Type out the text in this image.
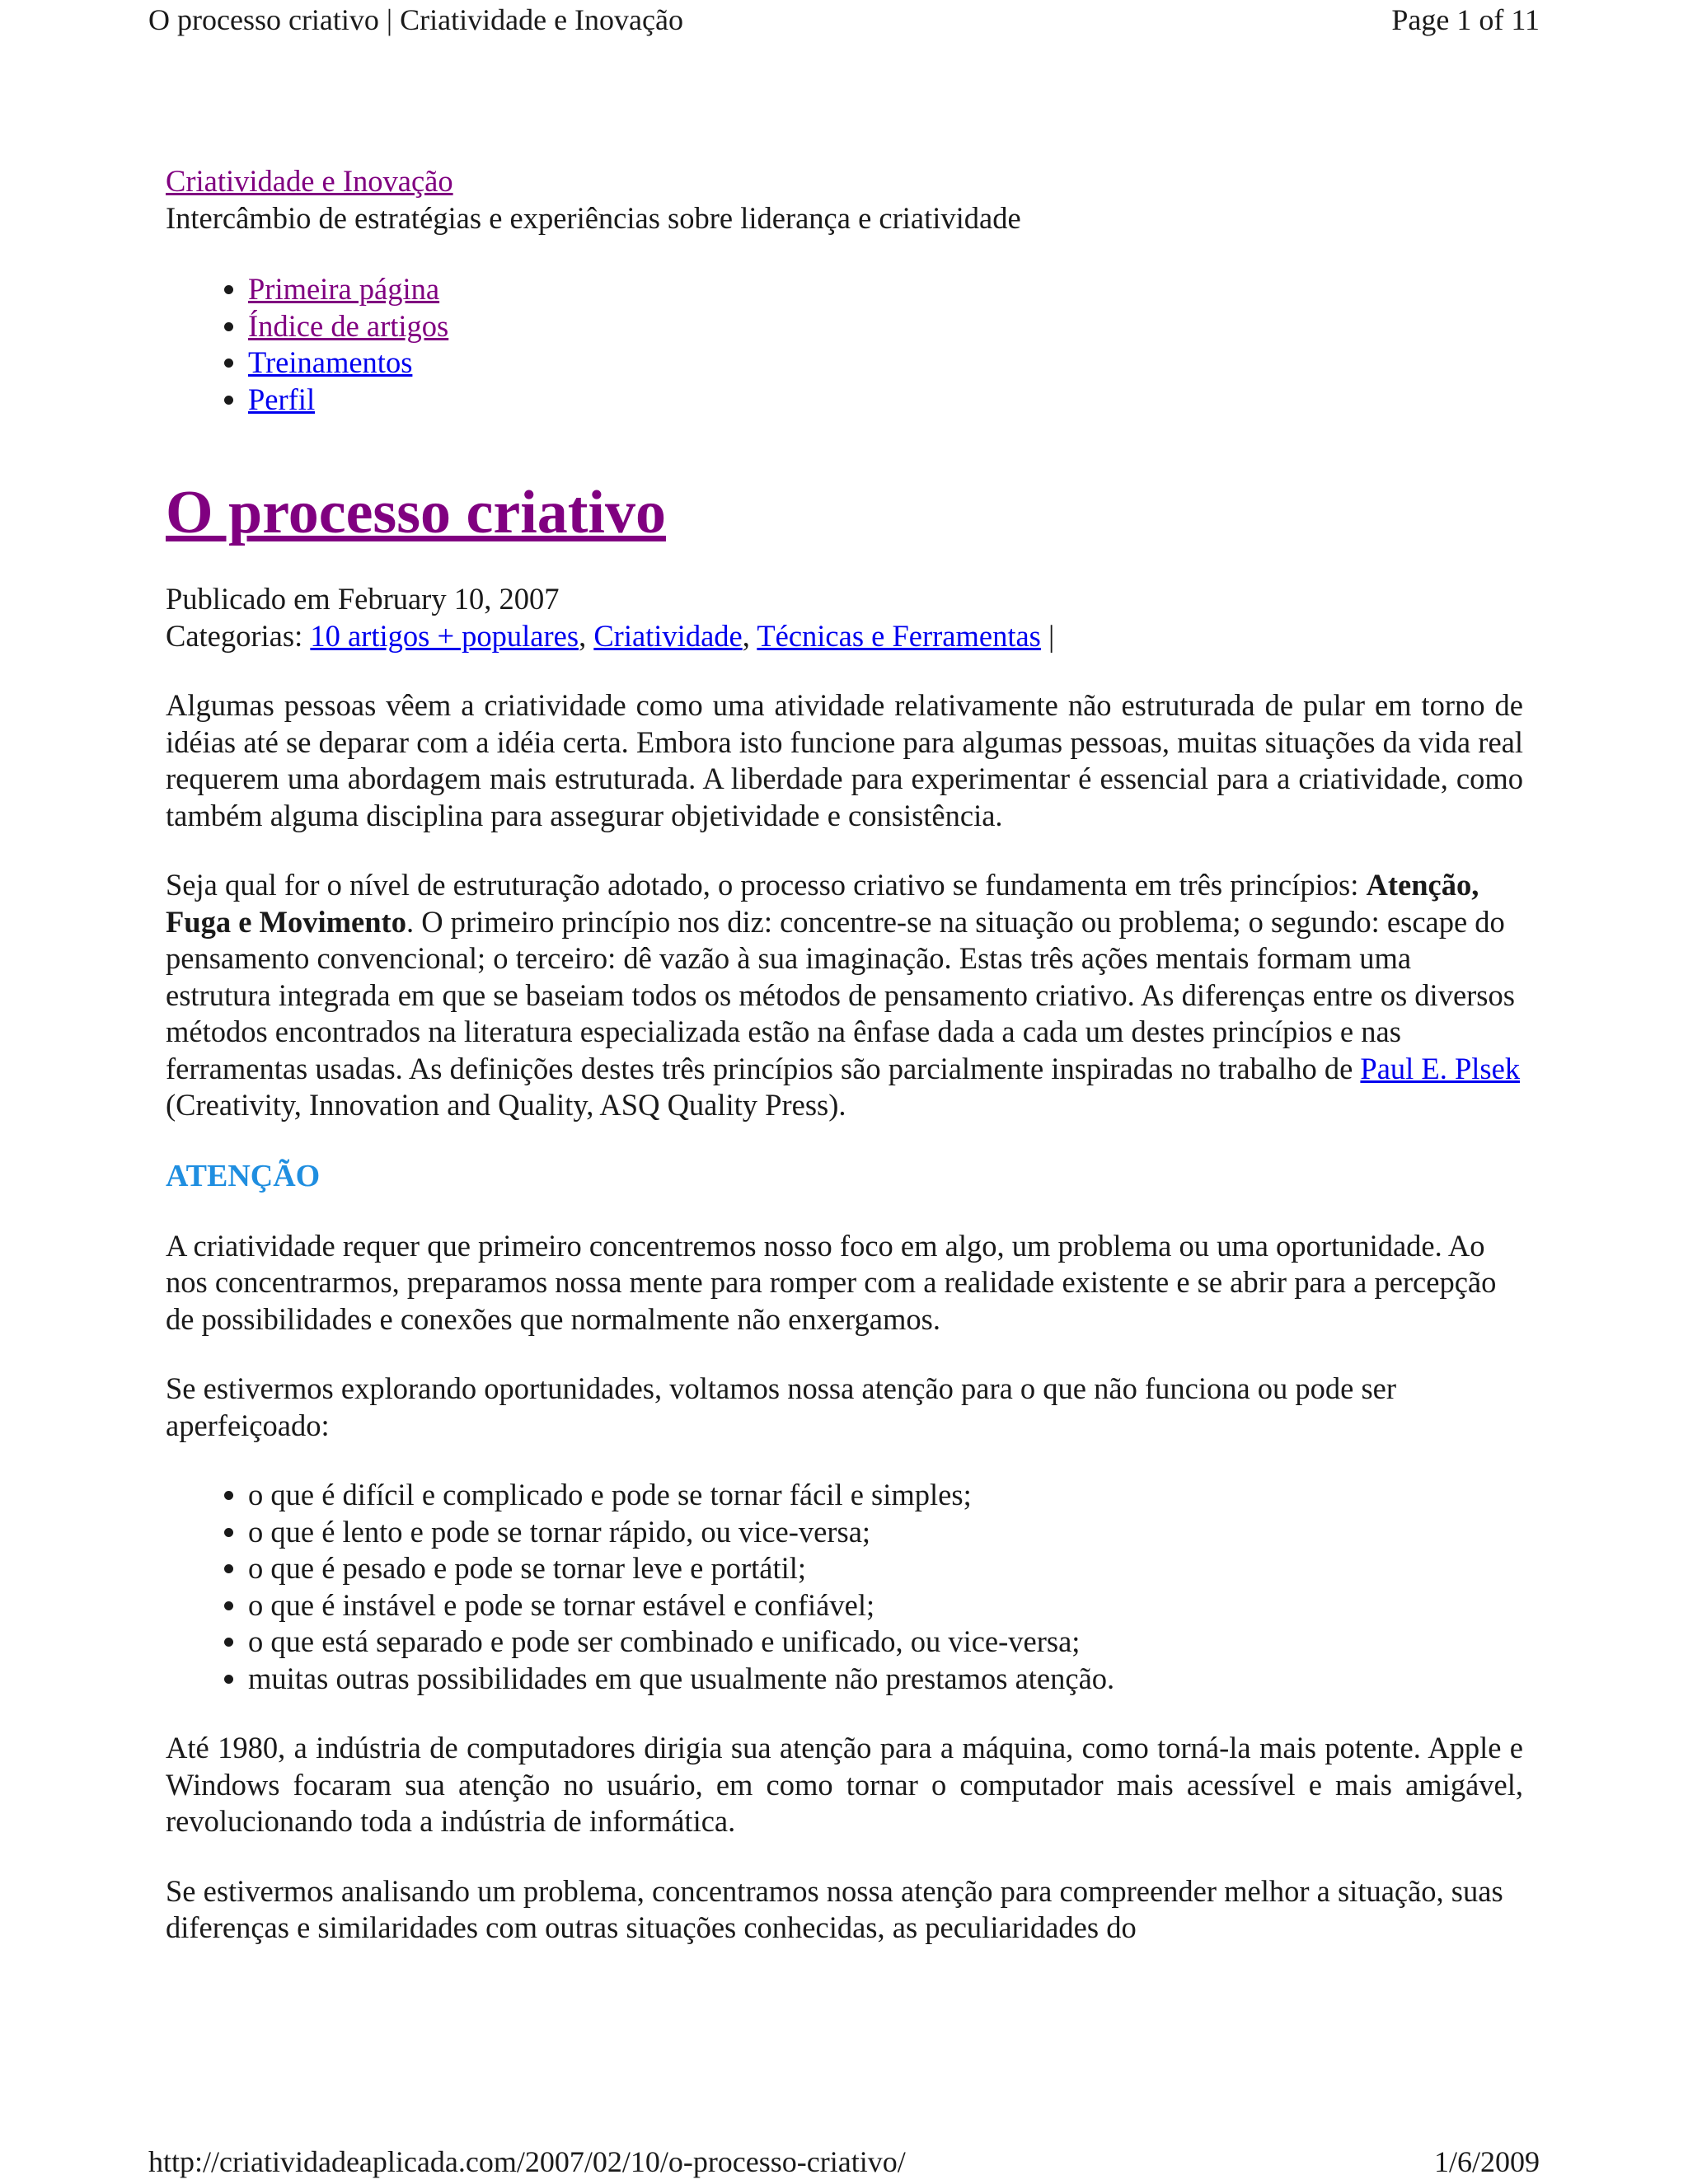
O processo criativo | Criatividade e Inovação	Page 1 of 11
Criatividade e Inovação

Intercâmbio de estratégias e experiências sobre liderança e criatividade

• Primeira página
• Índice de artigos
• Treinamentos
• Perfil
O processo criativo

Publicado em February 10, 2007

Categorias: 10 artigos + populares, Criatividade, Técnicas e Ferramentas |

Algumas pessoas vêem a criatividade como uma atividade relativamente não estruturada de pular em torno de idéias até se deparar com a idéia certa. Embora isto funcione para algumas pessoas, muitas situações da vida real requerem uma abordagem mais estruturada. A liberdade para experimentar é essencial para a criatividade, como também alguma disciplina para assegurar objetividade e consistência.

Seja qual for o nível de estruturação adotado, o processo criativo se fundamenta em três princípios: Atenção, Fuga e Movimento. O primeiro princípio nos diz: concentre-se na situação ou problema; o segundo: escape do pensamento convencional; o terceiro: dê vazão à sua imaginação. Estas três ações mentais formam uma estrutura integrada em que se baseiam todos os métodos de pensamento criativo. As diferenças entre os diversos métodos encontrados na literatura especializada estão na ênfase dada a cada um destes princípios e nas ferramentas usadas. As definições destes três princípios são parcialmente inspiradas no trabalho de Paul E. Plsek (Creativity, Innovation and Quality, ASQ Quality Press).

ATENÇÃO

A criatividade requer que primeiro concentremos nosso foco em algo, um problema ou uma oportunidade. Ao nos concentrarmos, preparamos nossa mente para romper com a realidade existente e se abrir para a percepção de possibilidades e conexões que normalmente não enxergamos.

Se estivermos explorando oportunidades, voltamos nossa atenção para o que não funciona ou pode ser aperfeiçoado:

• o que é difícil e complicado e pode se tornar fácil e simples;
• o que é lento e pode se tornar rápido, ou vice-versa;
• o que é pesado e pode se tornar leve e portátil;
• o que é instável e pode se tornar estável e confiável;
• o que está separado e pode ser combinado e unificado, ou vice-versa;
• muitas outras possibilidades em que usualmente não prestamos atenção.

Até 1980, a indústria de computadores dirigia sua atenção para a máquina, como torná-la mais potente. Apple e Windows focaram sua atenção no usuário, em como tornar o computador mais acessível e mais amigável, revolucionando toda a indústria de informática.

Se estivermos analisando um problema, concentramos nossa atenção para compreender melhor a situação, suas diferenças e similaridades com outras situações conhecidas, as peculiaridades do

http://criatividadeaplicada.com/2007/02/10/o-processo-criativo/	1/6/2009
